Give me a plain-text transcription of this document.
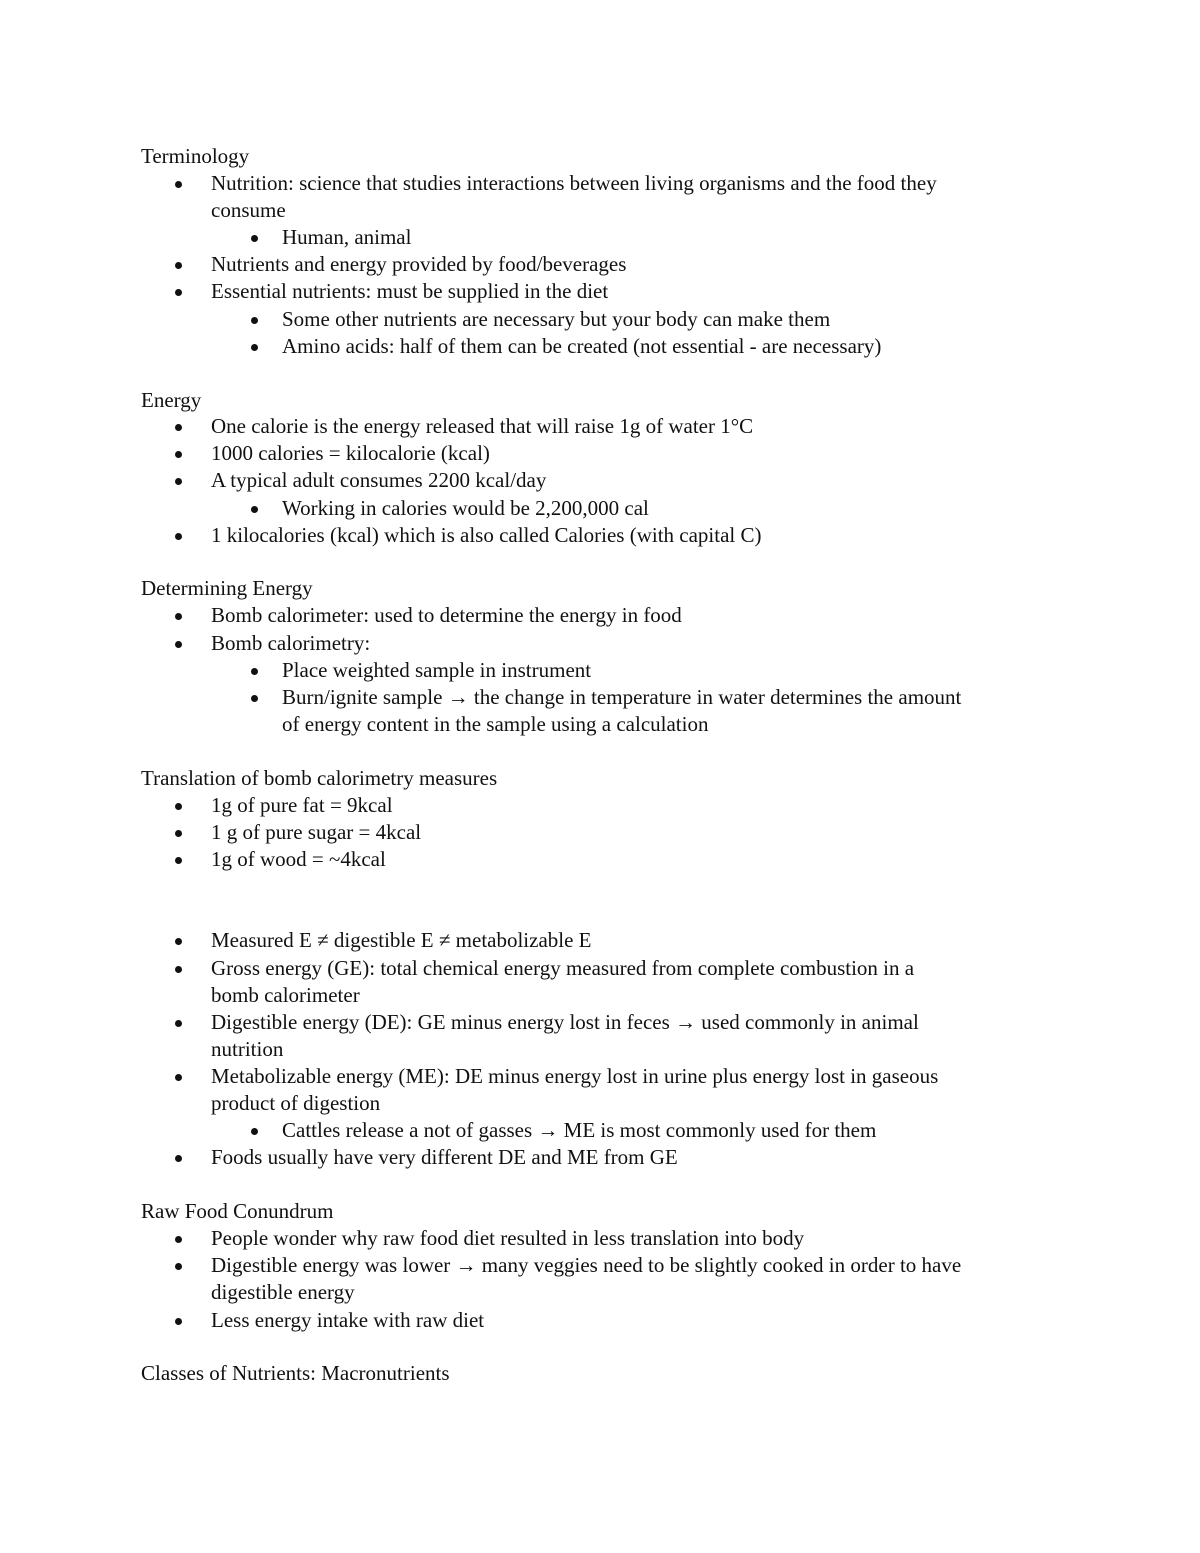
Terminology
Nutrition: science that studies interactions between living organisms and the food they
consume
Human, animal
Nutrients and energy provided by food/beverages
Essential nutrients: must be supplied in the diet
Some other nutrients are necessary but your body can make them
Amino acids: half of them can be created (not essential - are necessary)
Energy
One calorie is the energy released that will raise 1g of water 1°C
1000 calories = kilocalorie (kcal)
A typical adult consumes 2200 kcal/day
Working in calories would be 2,200,000 cal
1 kilocalories (kcal) which is also called Calories (with capital C)
Determining Energy
Bomb calorimeter: used to determine the energy in food
Bomb calorimetry:
Place weighted sample in instrument
Burn/ignite sample → the change in temperature in water determines the amount
of energy content in the sample using a calculation
Translation of bomb calorimetry measures
1g of pure fat = 9kcal
1 g of pure sugar = 4kcal
1g of wood = ~4kcal
Measured E ≠ digestible E ≠ metabolizable E
Gross energy (GE): total chemical energy measured from complete combustion in a
bomb calorimeter
Digestible energy (DE): GE minus energy lost in feces → used commonly in animal
nutrition
Metabolizable energy (ME): DE minus energy lost in urine plus energy lost in gaseous
product of digestion
Cattles release a not of gasses → ME is most commonly used for them
Foods usually have very different DE and ME from GE
Raw Food Conundrum
People wonder why raw food diet resulted in less translation into body
Digestible energy was lower → many veggies need to be slightly cooked in order to have
digestible energy
Less energy intake with raw diet
Classes of Nutrients: Macronutrients
